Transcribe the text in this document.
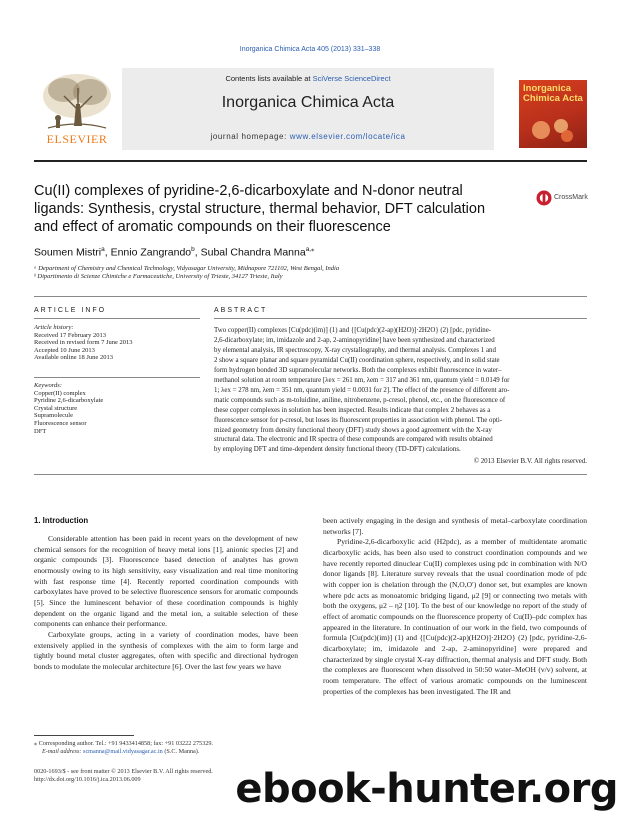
Inorganica Chimica Acta 405 (2013) 331–338
ELSEVIER
Contents lists available at SciVerse ScienceDirect
Inorganica Chimica Acta
journal homepage: www.elsevier.com/locate/ica
Inorganica Chimica Acta
Cu(II) complexes of pyridine-2,6-dicarboxylate and N-donor neutral ligands: Synthesis, crystal structure, thermal behavior, DFT calculation and effect of aromatic compounds on their fluorescence
CrossMark
Soumen Mistri$^a$, Ennio Zangrando$^b$, Subal Chandra Manna$^{a,⁎}$
ᵃ Department of Chemistry and Chemical Technology, Vidyasagar University, Midnapore 721102, West Bengal, India
ᵇ Dipartimento di Scienze Chimiche e Farmaceutiche, University of Trieste, 34127 Trieste, Italy
ARTICLE INFO
Article history:
Received 17 February 2013
Received in revised form 7 June 2013
Accepted 10 June 2013
Available online 18 June 2013
Keywords:
Copper(II) complex
Pyridine 2,6-dicarboxylate
Crystal structure
Supramolecule
Fluorescence sensor
DFT
ABSTRACT
Two copper(II) complexes [Cu(pdc)(im)] (1) and {[Cu(pdc)(2-ap)(H2O)]·2H2O} (2) [pdc, pyridine-
2,6-dicarboxylate; im, imidazole and 2-ap, 2-aminopyridine] have been synthesized and characterized
by elemental analysis, IR spectroscopy, X-ray crystallography, and thermal analysis. Complexes 1 and
2 show a square planar and square pyramidal Cu(II) coordination sphere, respectively, and in solid state
form hydrogen bonded 3D supramolecular networks. Both the complexes exhibit fluorescence in water–
methanol solution at room temperature [λex = 261 nm, λem = 317 and 361 nm, quantum yield = 0.0149 for
1; λex = 278 nm, λem = 351 nm, quantum yield = 0.0031 for 2]. The effect of the presence of different aro-
matic compounds such as m-toluidine, aniline, nitrobenzene, p-cresol, phenol, etc., on the fluorescence of
these copper complexes in solution has been inspected. Results indicate that complex 2 behaves as a
fluorescence sensor for p-cresol, but loses its fluorescent properties in association with phenol. The opti-
mized geometry from density functional theory (DFT) study shows a good agreement with the X-ray
structural data. The electronic and IR spectra of these compounds are compared with results obtained
by employing DFT and time-dependent density functional theory (TD-DFT) calculations.
© 2013 Elsevier B.V. All rights reserved.
1. Introduction

Considerable attention has been paid in recent years on the development of new chemical sensors for the recognition of heavy metal ions [1], anionic species [2] and organic compounds [3]. Fluorescence based detection of analytes has grown enormously owing to its high sensitivity, easy visualization and real time monitoring with fast response time [4]. Recently reported coordination compounds with carboxylates have proved to be selective fluorescence sensors for aromatic compounds [5]. Since the luminescent behavior of these coordination compounds is highly dependent on the organic ligand and the metal ion, a suitable selection of these components can enhance their performance.

Carboxylate groups, acting in a variety of coordination modes, have been extensively applied in the synthesis of complexes with the aim to form large and tightly bound metal cluster aggregates, often with specific and directional hydrogen bonds to modulate the molecular architecture [6]. Over the last few years we have

been actively engaging in the design and synthesis of metal–carboxylate coordination networks [7].

Pyridine-2,6-dicarboxylic acid (H2pdc), as a member of multidentate aromatic dicarboxylic acids, has been also used to construct coordination compounds and we have recently reported dinuclear Cu(II) complexes using pdc in combination with N/O donor ligands [8]. Literature survey reveals that the usual coordination mode of pdc with copper ion is chelation through the (N,O,O′) donor set, but examples are known where pdc acts as monoatomic bridging ligand, μ2 [9] or connecting two metals with both the oxygens, μ2 – η2 [10]. To the best of our knowledge no report of the study of effect of aromatic compounds on the fluorescence property of Cu(II)–pdc complex has appeared in the literature. In continuation of our work in the field, two compounds of formula [Cu(pdc)(im)] (1) and {[Cu(pdc)(2-ap)(H2O)]·2H2O} (2) [pdc, pyridine-2,6-dicarboxylate; im, imidazole and 2-ap, 2-aminopyridine] were prepared and characterized by single crystal X-ray diffraction, thermal analysis and DFT study. Both the complexes are fluorescent when dissolved in 50:50 water–MeOH (v/v) solvent, at room temperature. The effect of various aromatic compounds on the luminescent properties of the complexes has been investigated. The IR and

⁎ Corresponding author. Tel.: +91 9433414858; fax: +91 03222 275329.
E-mail address: scmanna@mail.vidyasagar.ac.in (S.C. Manna).
0020-1693/$ - see front matter © 2013 Elsevier B.V. All rights reserved.
http://dx.doi.org/10.1016/j.ica.2013.06.009	ebook-hunter.org
